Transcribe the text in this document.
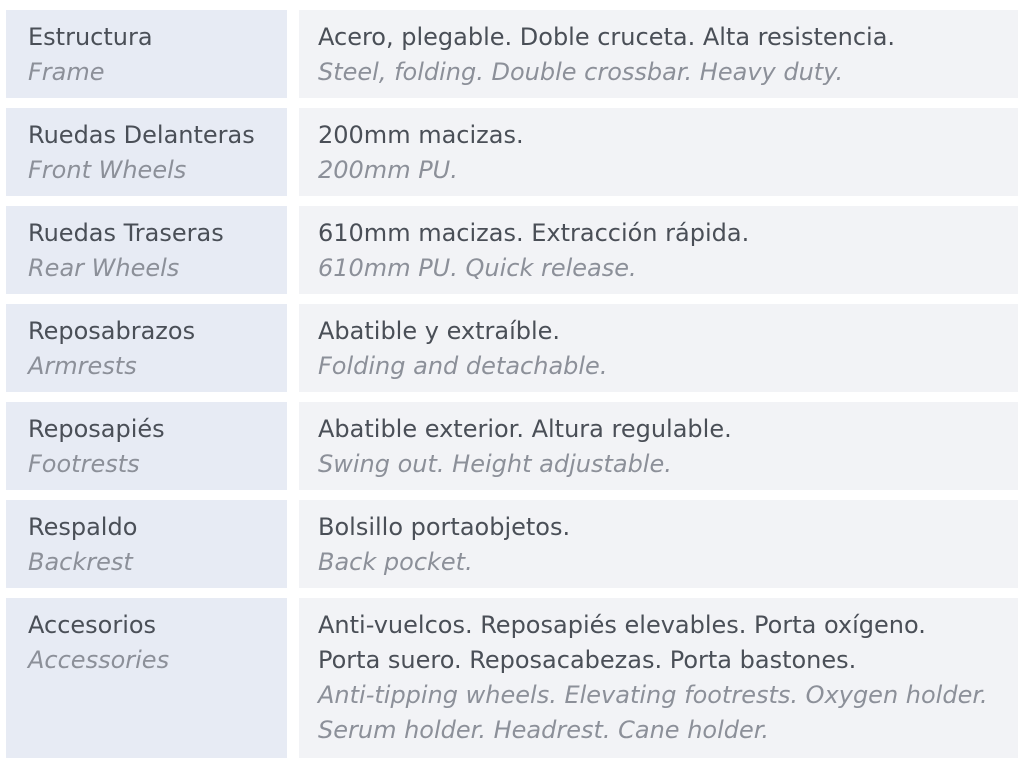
Estructura
Frame
Acero, plegable. Doble cruceta. Alta resistencia.
Steel, folding. Double crossbar. Heavy duty.
Ruedas Delanteras
Front Wheels
200mm macizas.
200mm PU.
Ruedas Traseras
Rear Wheels
610mm macizas. Extracción rápida.
610mm PU. Quick release.
Reposabrazos
Armrests
Abatible y extraíble.
Folding and detachable.
Reposapiés
Footrests
Abatible exterior. Altura regulable.
Swing out. Height adjustable.
Respaldo
Backrest
Bolsillo portaobjetos.
Back pocket.
Accesorios
Accessories
Anti-vuelcos. Reposapiés elevables. Porta oxígeno.
Porta suero. Reposacabezas. Porta bastones.
Anti-tipping wheels. Elevating footrests. Oxygen holder.
Serum holder. Headrest. Cane holder.
